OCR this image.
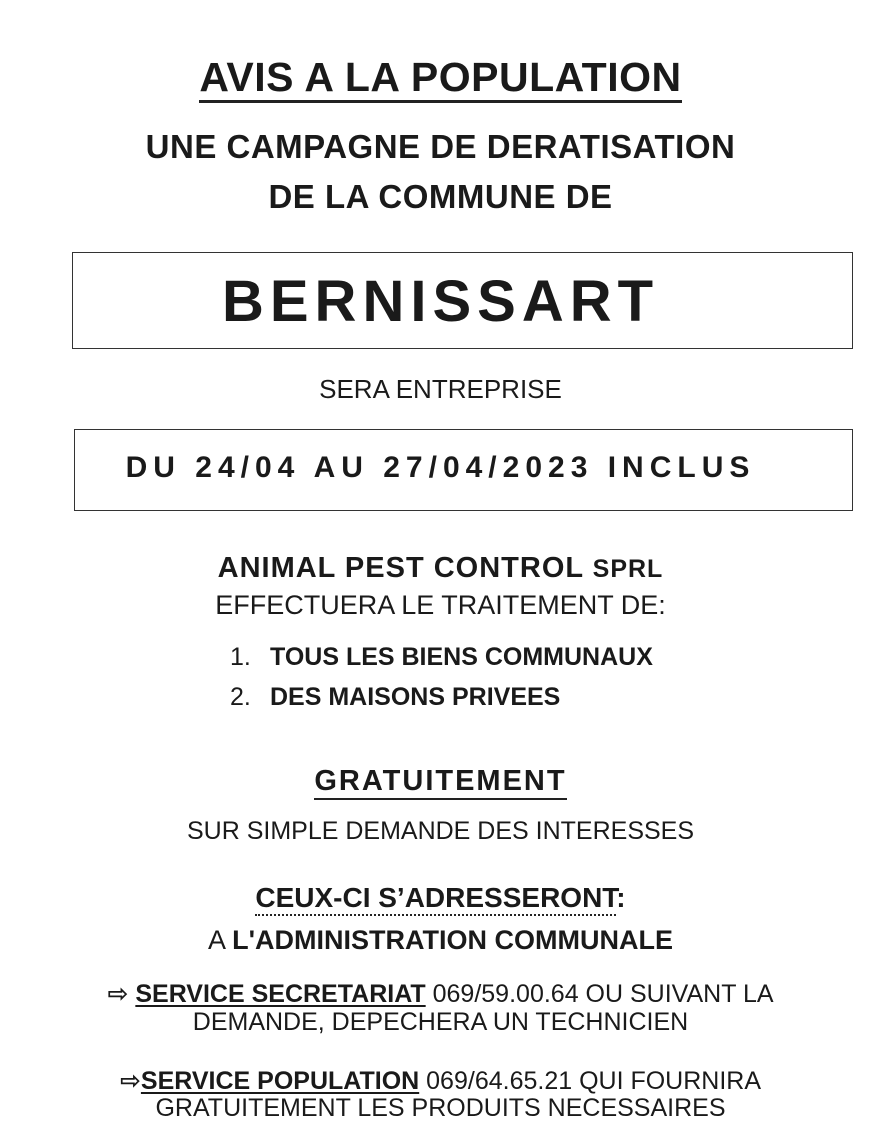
AVIS A LA POPULATION
UNE CAMPAGNE DE DERATISATION
DE LA COMMUNE DE
BERNISSART
SERA ENTREPRISE
DU 24/04 AU 27/04/2023 INCLUS
ANIMAL PEST CONTROL SPRL
EFFECTUERA LE TRAITEMENT DE:
1. TOUS LES BIENS COMMUNAUX
2. DES MAISONS PRIVEES
GRATUITEMENT
SUR SIMPLE DEMANDE DES INTERESSES
CEUX-CI S’ADRESSERONT:
A L'ADMINISTRATION COMMUNALE
⇨ SERVICE SECRETARIAT 069/59.00.64 OU SUIVANT LA
DEMANDE, DEPECHERA UN TECHNICIEN
⇨SERVICE POPULATION 069/64.65.21 QUI FOURNIRA
GRATUITEMENT LES PRODUITS NECESSAIRES
